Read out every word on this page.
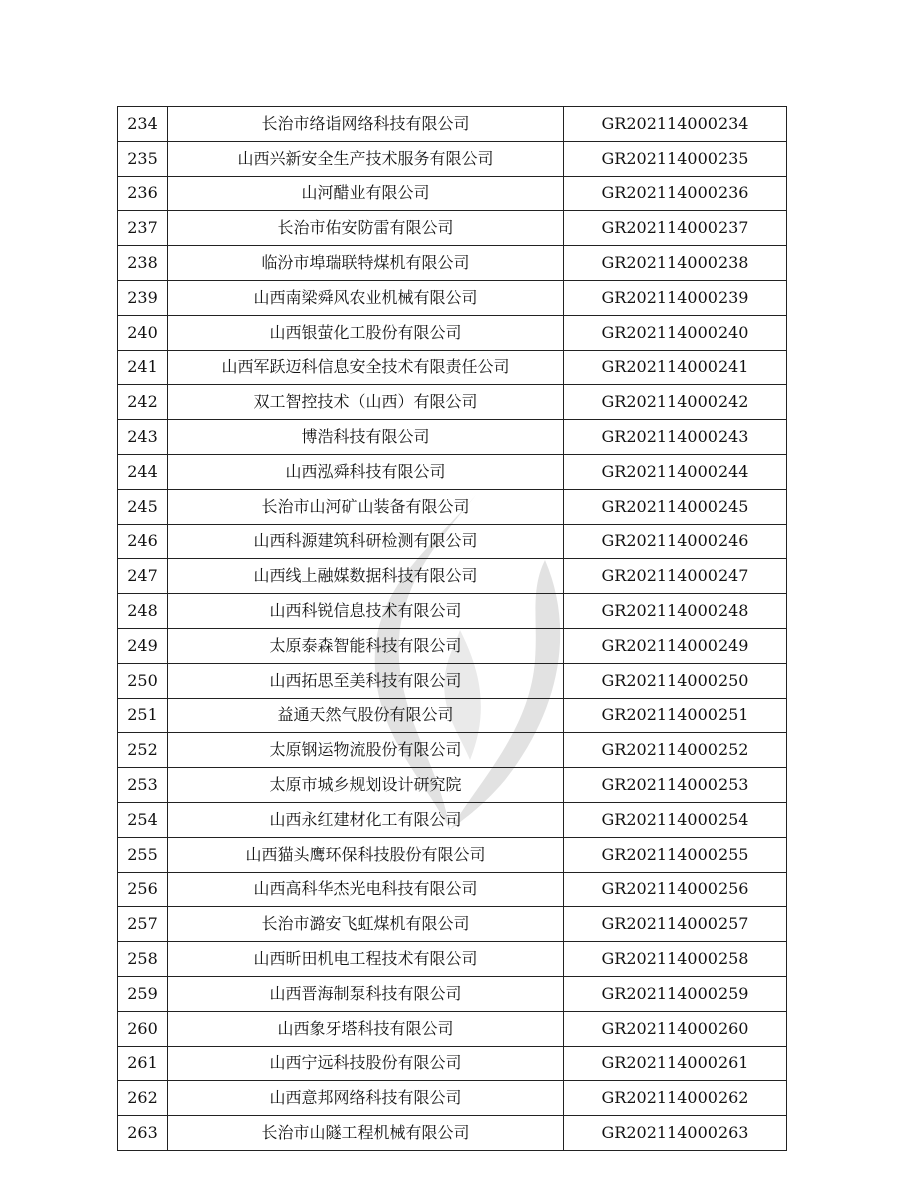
234	长治市络诣网络科技有限公司	GR202114000234
235	山西兴新安全生产技术服务有限公司	GR202114000235
236	山河醋业有限公司	GR202114000236
237	长治市佑安防雷有限公司	GR202114000237
238	临汾市埠瑞联特煤机有限公司	GR202114000238
239	山西南梁舜风农业机械有限公司	GR202114000239
240	山西银萤化工股份有限公司	GR202114000240
241	山西军跃迈科信息安全技术有限责任公司	GR202114000241
242	双工智控技术（山西）有限公司	GR202114000242
243	博浩科技有限公司	GR202114000243
244	山西泓舜科技有限公司	GR202114000244
245	长治市山河矿山装备有限公司	GR202114000245
246	山西科源建筑科研检测有限公司	GR202114000246
247	山西线上融媒数据科技有限公司	GR202114000247
248	山西科锐信息技术有限公司	GR202114000248
249	太原泰森智能科技有限公司	GR202114000249
250	山西拓思至美科技有限公司	GR202114000250
251	益通天然气股份有限公司	GR202114000251
252	太原钢运物流股份有限公司	GR202114000252
253	太原市城乡规划设计研究院	GR202114000253
254	山西永红建材化工有限公司	GR202114000254
255	山西猫头鹰环保科技股份有限公司	GR202114000255
256	山西高科华杰光电科技有限公司	GR202114000256
257	长治市潞安飞虹煤机有限公司	GR202114000257
258	山西昕田机电工程技术有限公司	GR202114000258
259	山西晋海制泵科技有限公司	GR202114000259
260	山西象牙塔科技有限公司	GR202114000260
261	山西宁远科技股份有限公司	GR202114000261
262	山西意邦网络科技有限公司	GR202114000262
263	长治市山隧工程机械有限公司	GR202114000263
